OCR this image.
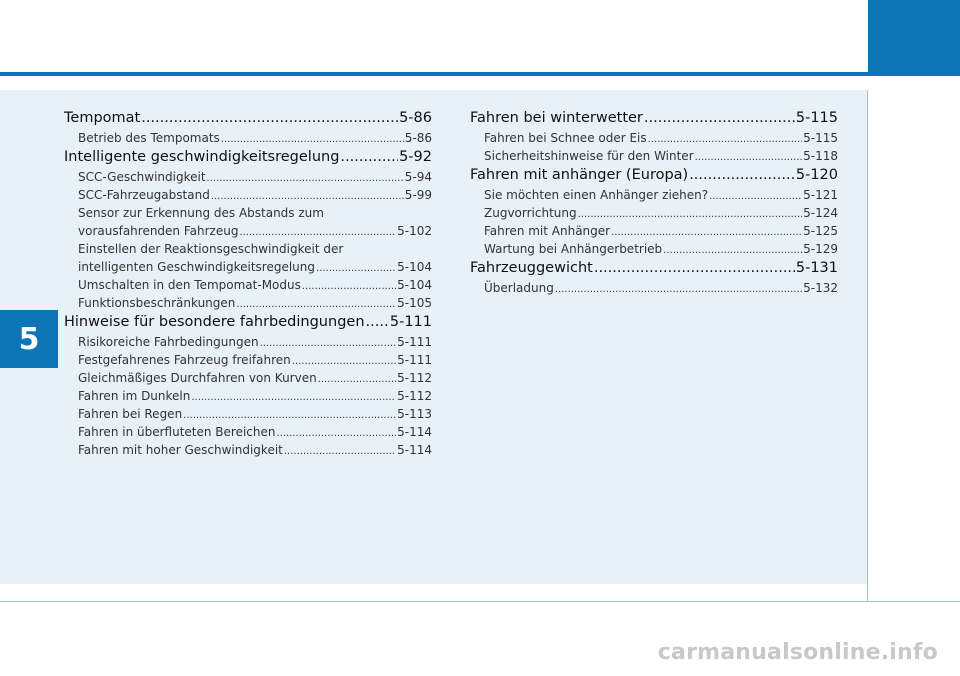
5
Tempomat .....	5-86
Betrieb des Tempomats .....	5-86
Intelligente geschwindigkeitsregelung .....	5-92
SCC-Geschwindigkeit .....	5-94
SCC-Fahrzeugabstand .....	5-99
Sensor zur Erkennung des Abstands zum
vorausfahrenden Fahrzeug .....	5-102
Einstellen der Reaktionsgeschwindigkeit der
intelligenten Geschwindigkeitsregelung .....	5-104
Umschalten in den Tempomat-Modus .....	5-104
Funktionsbeschränkungen .....	5-105
Hinweise für besondere fahrbedingungen ..... 5-111
Risikoreiche Fahrbedingungen .....	5-111
Festgefahrenes Fahrzeug freifahren .....	5-111
Gleichmäßiges Durchfahren von Kurven .....	5-112
Fahren im Dunkeln .....	5-112
Fahren bei Regen .....	5-113
Fahren in überfluteten Bereichen .....	5-114
Fahren mit hoher Geschwindigkeit .....	5-114
Fahren bei winterwetter .....	5-115
Fahren bei Schnee oder Eis .....	5-115
Sicherheitshinweise für den Winter .....	5-118
Fahren mit anhänger (Europa) .....	5-120
Sie möchten einen Anhänger ziehen? .....	5-121
Zugvorrichtung .....	5-124
Fahren mit Anhänger .....	5-125
Wartung bei Anhängerbetrieb .....	5-129
Fahrzeuggewicht .....	5-131
Überladung .....	5-132
carmanualsonline.info
